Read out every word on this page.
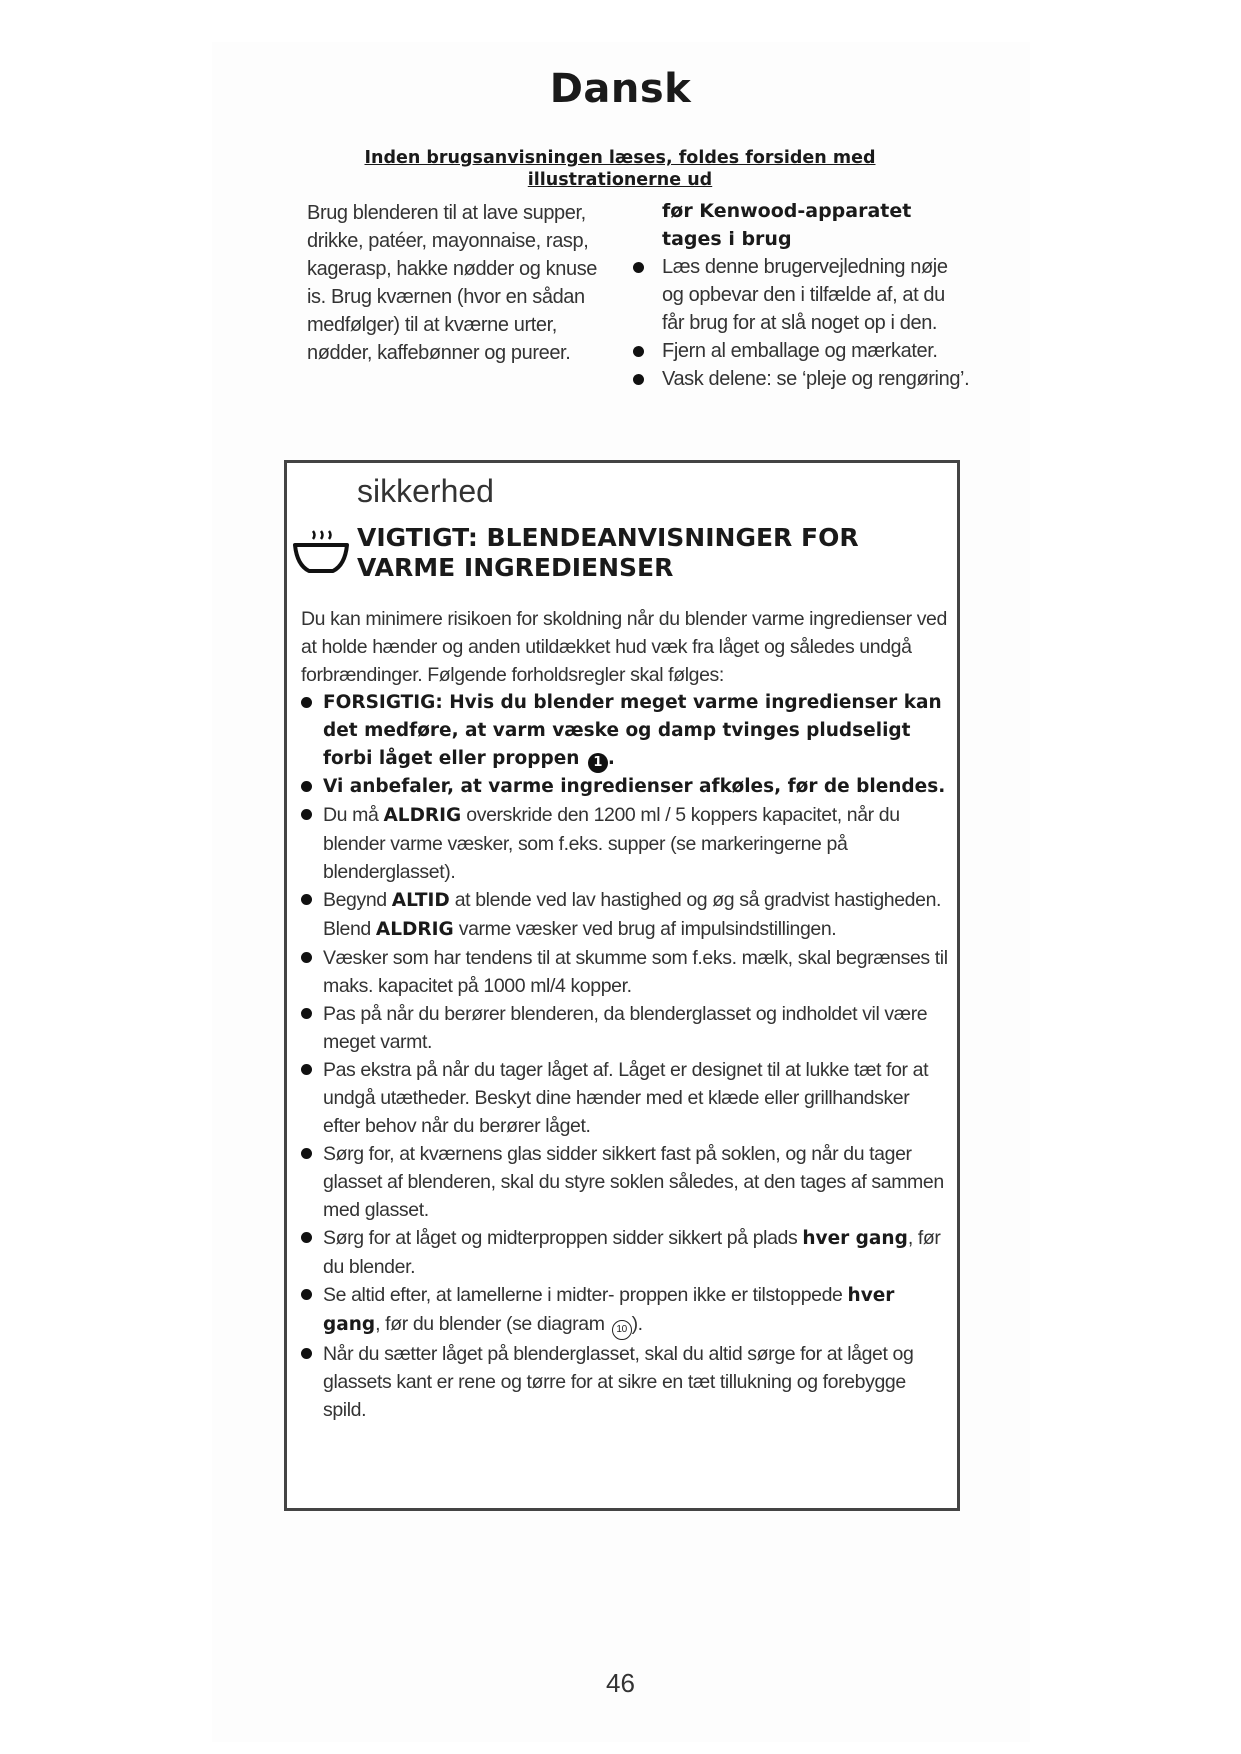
Dansk
Inden brugsanvisningen læses, foldes forsiden med illustrationerne ud
Brug blenderen til at lave supper, drikke, patéer, mayonnaise, rasp, kagerasp, hakke nødder og knuse is. Brug kværnen (hvor en sådan medfølger) til at kværne urter, nødder, kaffebønner og pureer.
før Kenwood-apparatet tages i brug
Læs denne brugervejledning nøje og opbevar den i tilfælde af, at du får brug for at slå noget op i den.
Fjern al emballage og mærkater.
Vask delene: se ‘pleje og rengøring’.
sikkerhed
VIGTIGT: BLENDEANVISNINGER FOR VARME INGREDIENSER

Du kan minimere risikoen for skoldning når du blender varme ingredienser ved at holde hænder og anden utildækket hud væk fra låget og således undgå forbrændinger. Følgende forholdsregler skal følges:

FORSIGTIG: Hvis du blender meget varme ingredienser kan det medføre, at varm væske og damp tvinges pludseligt forbi låget eller proppen 1 .
Vi anbefaler, at varme ingredienser afkøles, før de blendes.
Du må ALDRIG overskride den 1200 ml / 5 koppers kapacitet, når du blender varme væsker, som f.eks. supper (se markeringerne på blenderglasset).
Begynd ALTID at blende ved lav hastighed og øg så gradvist hastigheden. Blend ALDRIG varme væsker ved brug af impulsindstillingen.
Væsker som har tendens til at skumme som f.eks. mælk, skal begrænses til maks. kapacitet på 1000 ml/4 kopper.
Pas på når du berører blenderen, da blenderglasset og indholdet vil være meget varmt.
Pas ekstra på når du tager låget af. Låget er designet til at lukke tæt for at undgå utætheder. Beskyt dine hænder med et klæde eller grillhandsker efter behov når du berører låget.
Sørg for, at kværnens glas sidder sikkert fast på soklen, og når du tager glasset af blenderen, skal du styre soklen således, at den tages af sammen med glasset.
Sørg for at låget og midterproppen sidder sikkert på plads hver gang, før du blender.
Se altid efter, at lamellerne i midter- proppen ikke er tilstoppede hver gang, før du blender (se diagram 10 ).
Når du sætter låget på blenderglasset, skal du altid sørge for at låget og glassets kant er rene og tørre for at sikre en tæt tillukning og forebygge spild.
46
